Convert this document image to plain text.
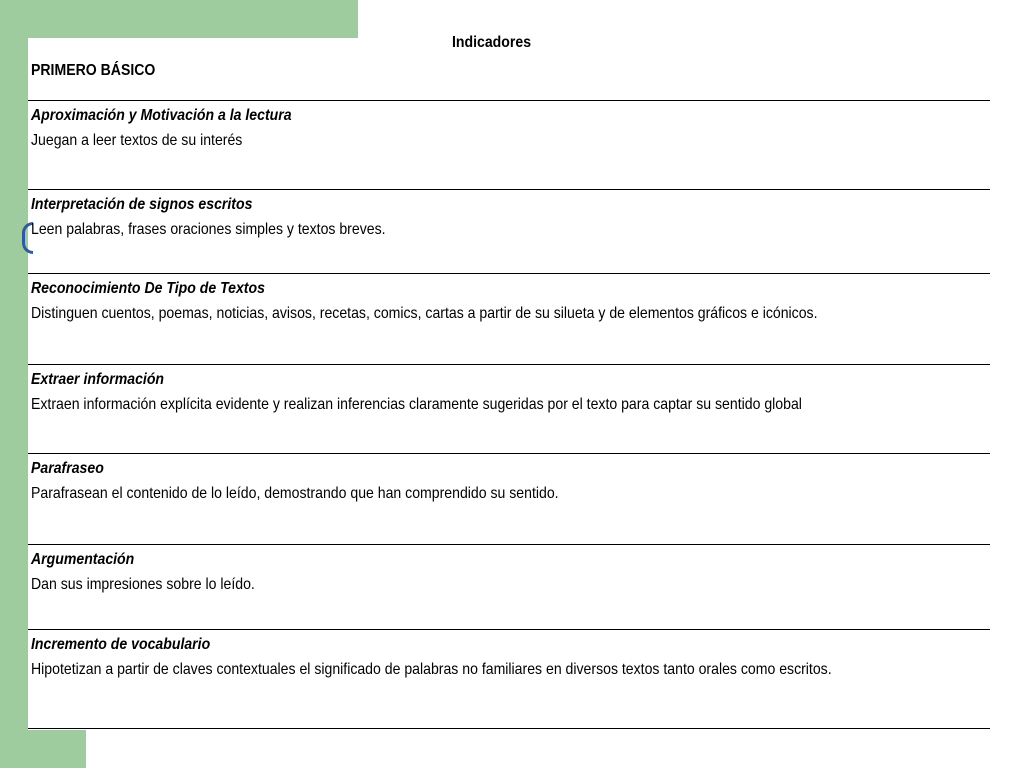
Indicadores
PRIMERO BÁSICO
Aproximación y Motivación a la lectura
Juegan a leer textos de su interés
Interpretación de signos escritos
Leen palabras, frases oraciones simples y textos breves.
Reconocimiento De Tipo de Textos
Distinguen cuentos, poemas, noticias, avisos, recetas, comics, cartas a partir de su silueta y de elementos gráficos e icónicos.
Extraer información
Extraen información explícita evidente y realizan inferencias claramente sugeridas por el texto para captar su sentido global
Parafraseo
Parafrasean el contenido de lo leído, demostrando que han comprendido su sentido.
Argumentación
Dan sus impresiones sobre lo leído.
Incremento de vocabulario
Hipotetizan a partir de claves contextuales el significado de palabras no familiares en diversos textos tanto orales como escritos.
